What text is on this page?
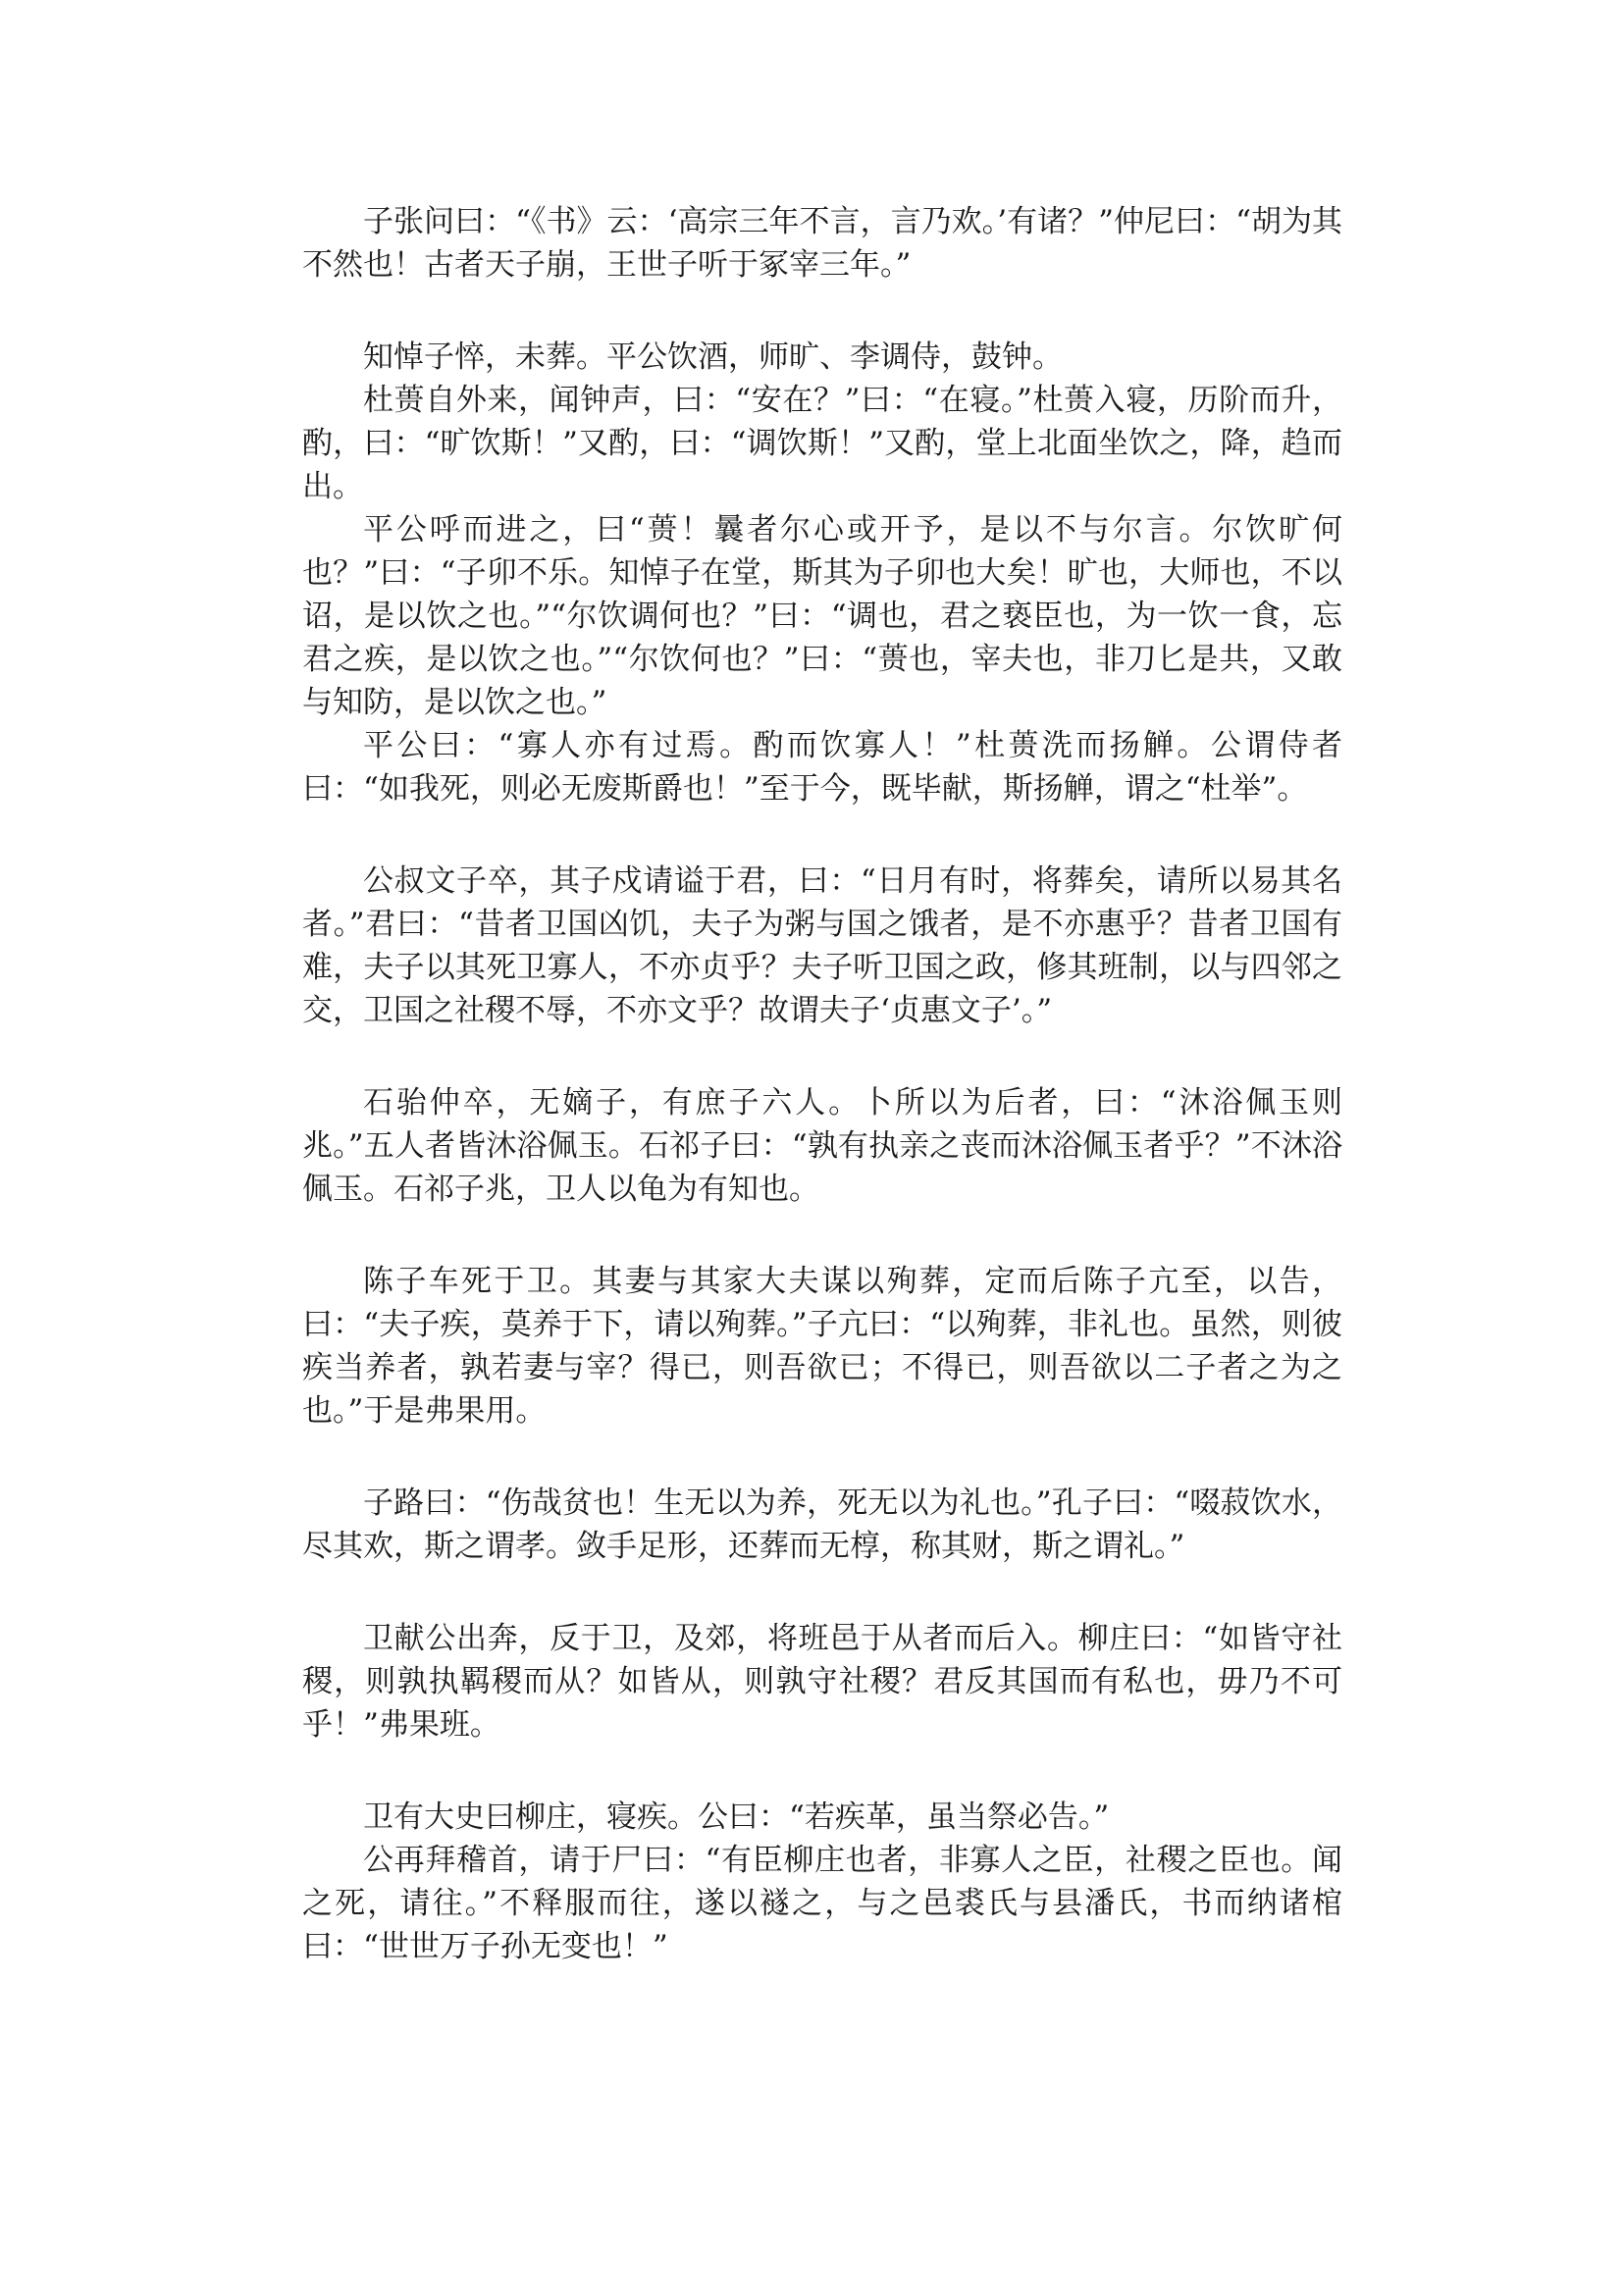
子张问曰：“《书》云：‘高宗三年不言，言乃欢。’有诸？”仲尼曰：“胡为其不然也！古者天子崩，王世子听于冢宰三年。”

知悼子悴，未葬。平公饮酒，师旷、李调侍，鼓钟。

杜蒉自外来，闻钟声，曰：“安在？”曰：“在寝。”杜蒉入寝，历阶而升，酌，曰：“旷饮斯！”又酌，曰：“调饮斯！”又酌，堂上北面坐饮之，降，趋而出。

平公呼而进之，曰“蒉！曩者尔心或开予，是以不与尔言。尔饮旷何也？”曰：“子卯不乐。知悼子在堂，斯其为子卯也大矣！旷也，大师也，不以诏，是以饮之也。”“尔饮调何也？”曰：“调也，君之亵臣也，为一饮一食，忘君之疾，是以饮之也。”“尔饮何也？”曰：“蒉也，宰夫也，非刀匕是共，又敢与知防，是以饮之也。”

平公曰：“寡人亦有过焉。酌而饮寡人！”杜蒉洗而扬觯。公谓侍者曰：“如我死，则必无废斯爵也！”至于今，既毕献，斯扬觯，谓之“杜举”。

公叔文子卒，其子戍请谥于君，曰：“日月有时，将葬矣，请所以易其名者。”君曰：“昔者卫国凶饥，夫子为粥与国之饿者，是不亦惠乎？昔者卫国有难，夫子以其死卫寡人，不亦贞乎？夫子听卫国之政，修其班制，以与四邻之交，卫国之社稷不辱，不亦文乎？故谓夫子‘贞惠文子’。”

石骀仲卒，无嫡子，有庶子六人。卜所以为后者，曰：“沐浴佩玉则兆。”五人者皆沐浴佩玉。石祁子曰：“孰有执亲之丧而沐浴佩玉者乎？”不沐浴佩玉。石祁子兆，卫人以龟为有知也。

陈子车死于卫。其妻与其家大夫谋以殉葬，定而后陈子亢至，以告，曰：“夫子疾，莫养于下，请以殉葬。”子亢曰：“以殉葬，非礼也。虽然，则彼疾当养者，孰若妻与宰？得已，则吾欲已；不得已，则吾欲以二子者之为之也。”于是弗果用。

子路曰：“伤哉贫也！生无以为养，死无以为礼也。”孔子曰：“啜菽饮水，尽其欢，斯之谓孝。敛手足形，还葬而无椁，称其财，斯之谓礼。”

卫献公出奔，反于卫，及郊，将班邑于从者而后入。柳庄曰：“如皆守社稷，则孰执羁稷而从？如皆从，则孰守社稷？君反其国而有私也，毋乃不可乎！”弗果班。

卫有大史曰柳庄，寝疾。公曰：“若疾革，虽当祭必告。”

公再拜稽首，请于尸曰：“有臣柳庄也者，非寡人之臣，社稷之臣也。闻之死，请往。”不释服而往，遂以襚之，与之邑裘氏与县潘氏，书而纳诸棺曰：“世世万子孙无变也！”
